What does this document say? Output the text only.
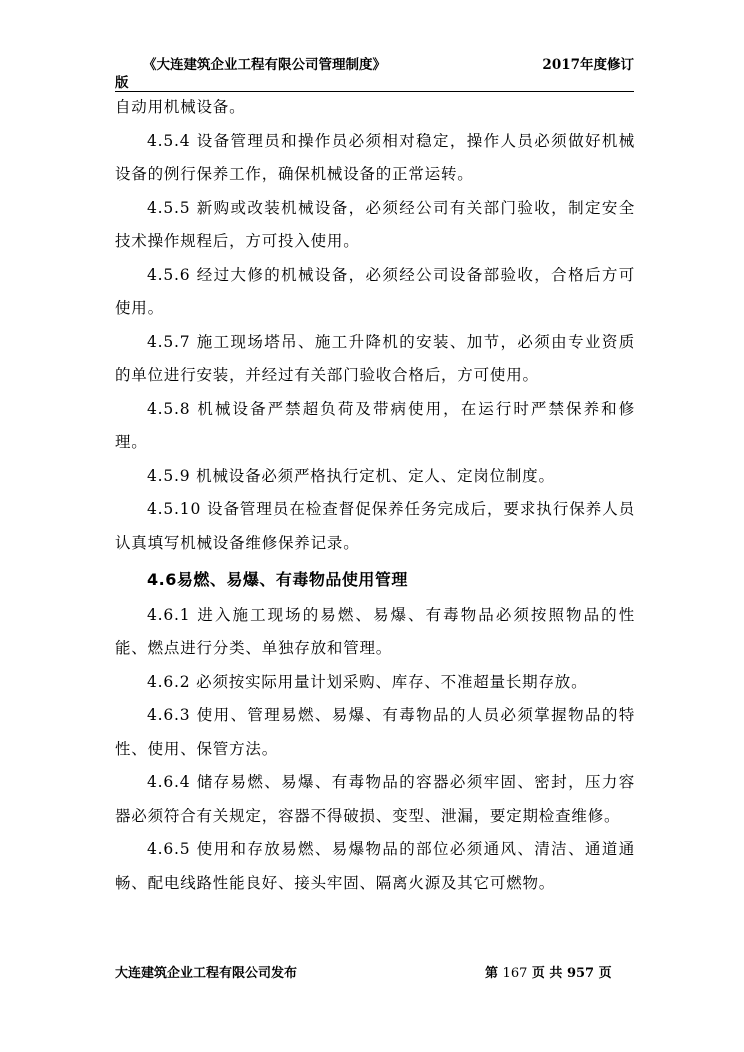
《大连建筑企业工程有限公司管理制度》	2017年度修订
版

自动用机械设备。

4.5.4 设备管理员和操作员必须相对稳定，操作人员必须做好机械设备的例行保养工作，确保机械设备的正常运转。

4.5.5 新购或改装机械设备，必须经公司有关部门验收，制定安全技术操作规程后，方可投入使用。

4.5.6 经过大修的机械设备，必须经公司设备部验收，合格后方可使用。

4.5.7 施工现场塔吊、施工升降机的安装、加节，必须由专业资质的单位进行安装，并经过有关部门验收合格后，方可使用。

4.5.8 机械设备严禁超负荷及带病使用，在运行时严禁保养和修理。

4.5.9 机械设备必须严格执行定机、定人、定岗位制度。

4.5.10 设备管理员在检查督促保养任务完成后，要求执行保养人员认真填写机械设备维修保养记录。

4.6易燃、易爆、有毒物品使用管理

4.6.1 进入施工现场的易燃、易爆、有毒物品必须按照物品的性能、燃点进行分类、单独存放和管理。

4.6.2 必须按实际用量计划采购、库存、不准超量长期存放。

4.6.3 使用、管理易燃、易爆、有毒物品的人员必须掌握物品的特性、使用、保管方法。

4.6.4 储存易燃、易爆、有毒物品的容器必须牢固、密封，压力容器必须符合有关规定，容器不得破损、变型、泄漏，要定期检查维修。

4.6.5 使用和存放易燃、易爆物品的部位必须通风、清洁、通道通畅、配电线路性能良好、接头牢固、隔离火源及其它可燃物。

大连建筑企业工程有限公司发布	第 167 页 共 957 页
